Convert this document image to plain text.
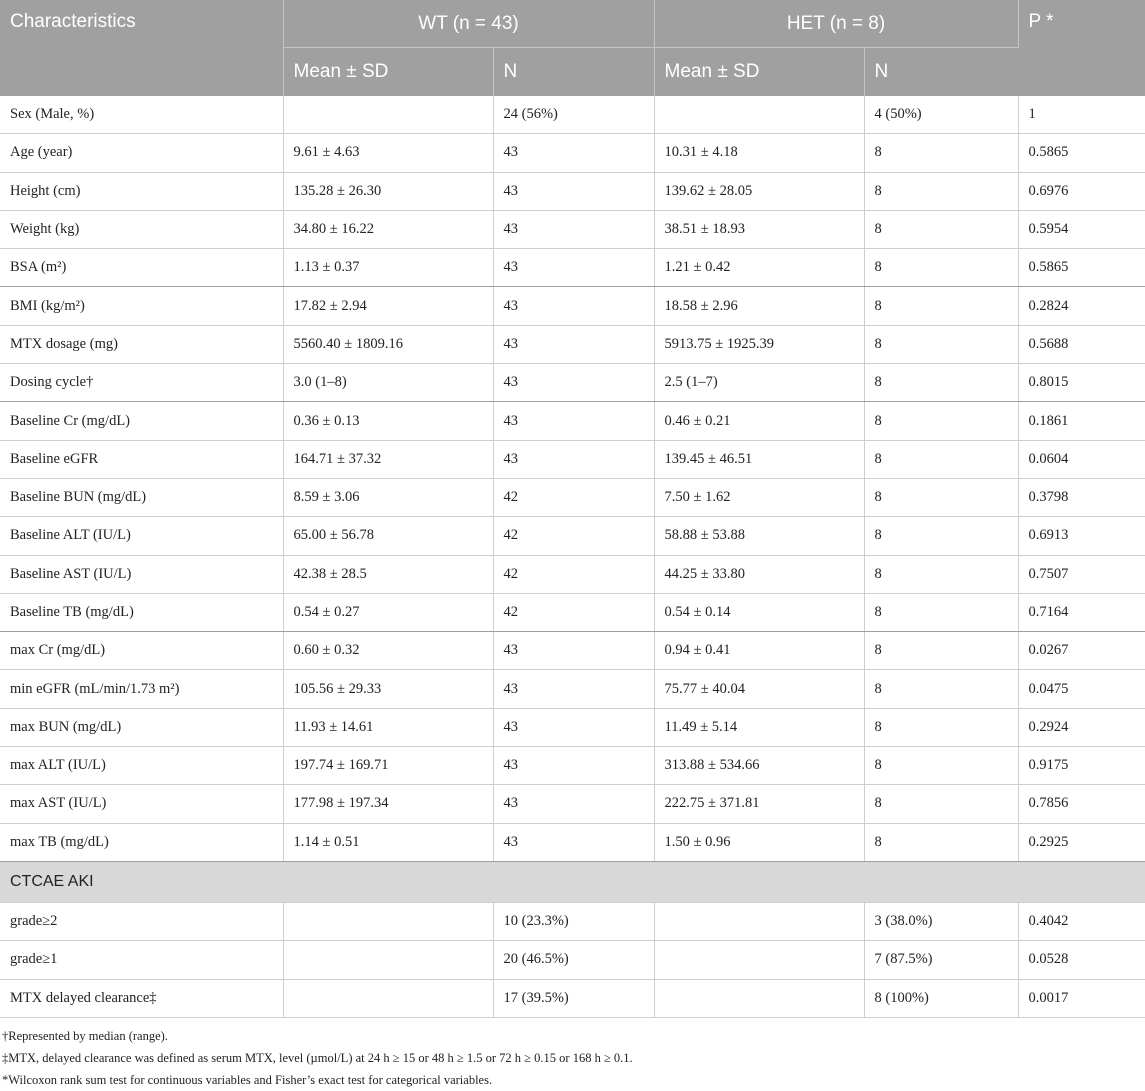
Characteristics	WT (n = 43)		HET (n = 8)		P *
	Mean ± SD	N	Mean ± SD	N	
Sex (Male, %)		24 (56%)		4 (50%)	1
Age (year)	9.61 ± 4.63	43	10.31 ± 4.18	8	0.5865
Height (cm)	135.28 ± 26.30	43	139.62 ± 28.05	8	0.6976
Weight (kg)	34.80 ± 16.22	43	38.51 ± 18.93	8	0.5954
BSA (m²)	1.13 ± 0.37	43	1.21 ± 0.42	8	0.5865
BMI (kg/m²)	17.82 ± 2.94	43	18.58 ± 2.96	8	0.2824
MTX dosage (mg)	5560.40 ± 1809.16	43	5913.75 ± 1925.39	8	0.5688
Dosing cycle†	3.0 (1–8)	43	2.5 (1–7)	8	0.8015
Baseline Cr (mg/dL)	0.36 ± 0.13	43	0.46 ± 0.21	8	0.1861
Baseline eGFR	164.71 ± 37.32	43	139.45 ± 46.51	8	0.0604
Baseline BUN (mg/dL)	8.59 ± 3.06	42	7.50 ± 1.62	8	0.3798
Baseline ALT (IU/L)	65.00 ± 56.78	42	58.88 ± 53.88	8	0.6913
Baseline AST (IU/L)	42.38 ± 28.5	42	44.25 ± 33.80	8	0.7507
Baseline TB (mg/dL)	0.54 ± 0.27	42	0.54 ± 0.14	8	0.7164
max Cr (mg/dL)	0.60 ± 0.32	43	0.94 ± 0.41	8	0.0267
min eGFR (mL/min/1.73 m²)	105.56 ± 29.33	43	75.77 ± 40.04	8	0.0475
max BUN (mg/dL)	11.93 ± 14.61	43	11.49 ± 5.14	8	0.2924
max ALT (IU/L)	197.74 ± 169.71	43	313.88 ± 534.66	8	0.9175
max AST (IU/L)	177.98 ± 197.34	43	222.75 ± 371.81	8	0.7856
max TB (mg/dL)	1.14 ± 0.51	43	1.50 ± 0.96	8	0.2925
CTCAE AKI					
grade≥2		10 (23.3%)		3 (38.0%)	0.4042
grade≥1		20 (46.5%)		7 (87.5%)	0.0528
MTX delayed clearance‡		17 (39.5%)		8 (100%)	0.0017
†Represented by median (range).
‡MTX, delayed clearance was defined as serum MTX, level (µmol/L) at 24 h ≥ 15 or 48 h ≥ 1.5 or 72 h ≥ 0.15 or 168 h ≥ 0.1.
*Wilcoxon rank sum test for continuous variables and Fisher’s exact test for categorical variables.
